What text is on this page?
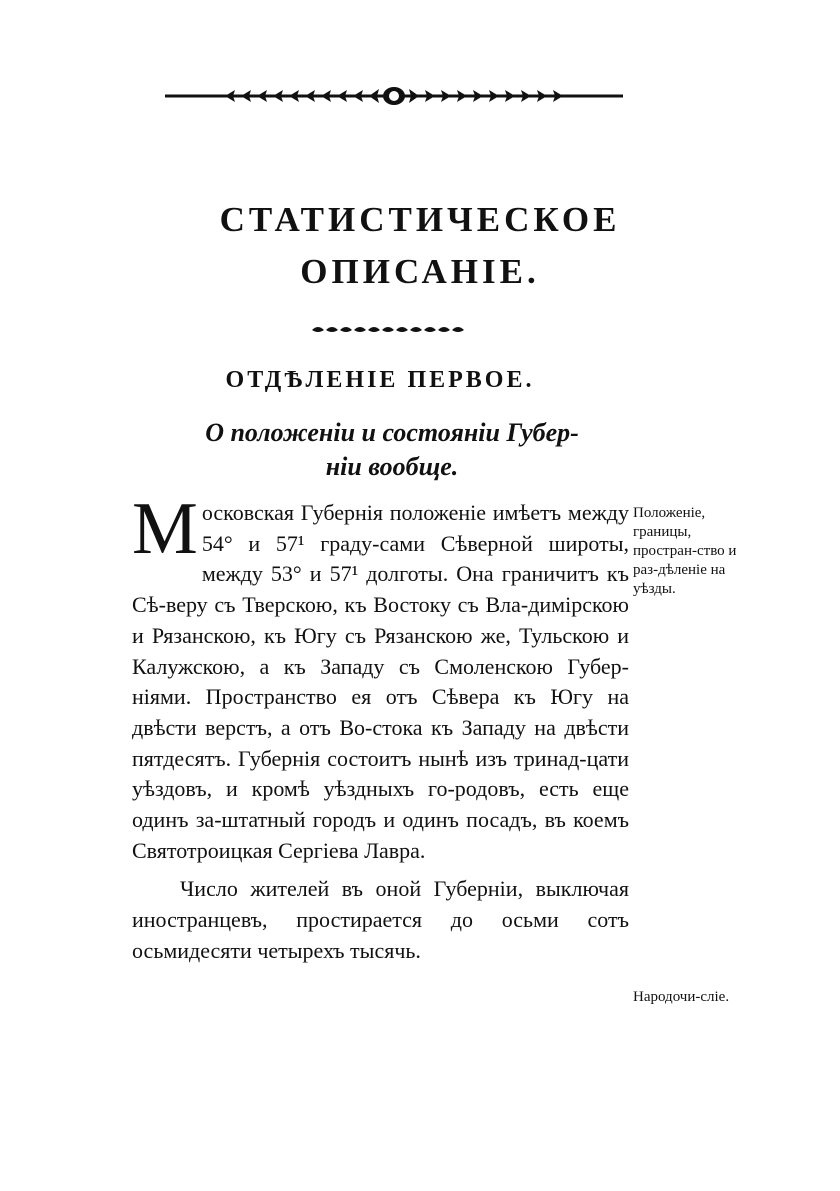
СТАТИСТИЧЕСКОЕ
ОПИСАНІЕ.
ОТДѢЛЕНІЕ ПЕРВОЕ.
О положеніи и состояніи Губер-
ніи вообще.

Московская Губернія положеніе имѣетъ между 54° и 57¹ граду-сами Сѣверной широты, между 53° и 57¹ долготы. Она граничитъ къ Сѣ-веру съ Тверскою, къ Востоку съ Вла-димірскою и Рязанскою, къ Югу съ Рязанскою же, Тульскою и Калужскою, а къ Западу съ Смоленскою Губер-ніями. Пространство ея отъ Сѣвера къ Югу на двѣсти верстъ, а отъ Во-стока къ Западу на двѣсти пятдесятъ. Губернія состоитъ нынѣ изъ тринад-цати уѣздовъ, и кромѣ уѣздныхъ го-родовъ, есть еще одинъ за-штатный городъ и одинъ посадъ, въ коемъ Святотроицкая Сергіева Лавра.

Число жителей въ оной Губерніи, выключая иностранцевъ, простирается до осьми сотъ осьмидесяти четырехъ тысячь.

Положеніе, границы, простран-ство и раз-дѣленіе на уѣзды.
Народочи-сліе.
